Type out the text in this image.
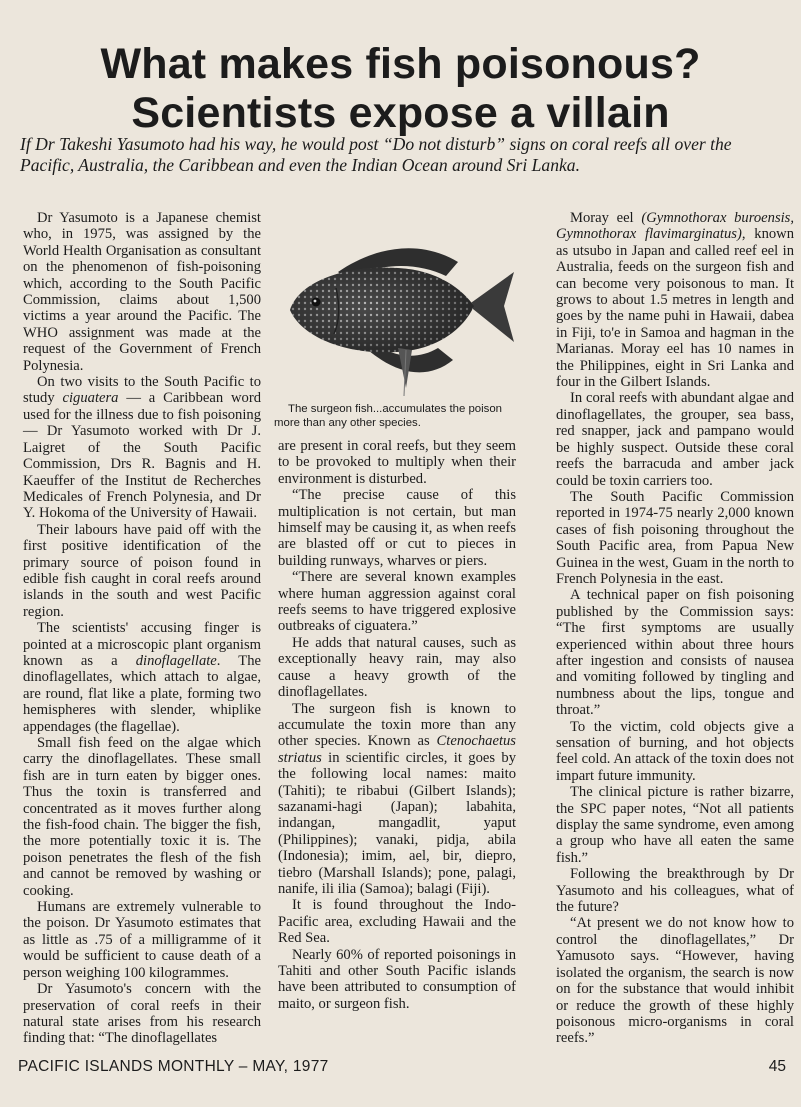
What makes fish poisonous?
Scientists expose a villain

If Dr Takeshi Yasumoto had his way, he would post “Do not disturb” signs on coral reefs all over the Pacific, Australia, the Caribbean and even the Indian Ocean around Sri Lanka.

Dr Yasumoto is a Japanese chemist who, in 1975, was assigned by the World Health Organisation as consultant on the phenomenon of fish-poisoning which, according to the South Pacific Commission, claims about 1,500 victims a year around the Pacific. The WHO assignment was made at the request of the Government of French Polynesia.

On two visits to the South Pacific to study ciguatera — a Caribbean word used for the illness due to fish poisoning — Dr Yasumoto worked with Dr J. Laigret of the South Pacific Commission, Drs R. Bagnis and H. Kaeuffer of the Institut de Recherches Medicales of French Polynesia, and Dr Y. Hokoma of the University of Hawaii.

Their labours have paid off with the first positive identification of the primary source of poison found in edible fish caught in coral reefs around islands in the south and west Pacific region.

The scientists' accusing finger is pointed at a microscopic plant organism known as a dinoflagellate. The dinoflagellates, which attach to algae, are round, flat like a plate, forming two hemispheres with slender, whiplike appendages (the flagellae).

Small fish feed on the algae which carry the dinoflagellates. These small fish are in turn eaten by bigger ones. Thus the toxin is transferred and concentrated as it moves further along the fish-food chain. The bigger the fish, the more potentially toxic it is. The poison penetrates the flesh of the fish and cannot be removed by washing or cooking.

Humans are extremely vulnerable to the poison. Dr Yasumoto estimates that as little as .75 of a milligramme of it would be sufficient to cause death of a person weighing 100 kilogrammes.

Dr Yasumoto's concern with the preservation of coral reefs in their natural state arises from his research finding that: “The dinoflagellates

The surgeon fish...accumulates the poison more than any other species.

are present in coral reefs, but they seem to be provoked to multiply when their environment is disturbed.

“The precise cause of this multiplication is not certain, but man himself may be causing it, as when reefs are blasted off or cut to pieces in building runways, wharves or piers.

“There are several known examples where human aggression against coral reefs seems to have triggered explosive outbreaks of ciguatera.”

He adds that natural causes, such as exceptionally heavy rain, may also cause a heavy growth of the dinoflagellates.

The surgeon fish is known to accumulate the toxin more than any other species. Known as Ctenochaetus striatus in scientific circles, it goes by the following local names: maito (Tahiti); te ribabui (Gilbert Islands); sazanami-hagi (Japan); labahita, indangan, mangadlit, yaput (Philippines); vanaki, pidja, abila (Indonesia); imim, ael, bir, diepro, tiebro (Marshall Islands); pone, palagi, nanife, ili ilia (Samoa); balagi (Fiji).

It is found throughout the Indo-Pacific area, excluding Hawaii and the Red Sea.

Nearly 60% of reported poisonings in Tahiti and other South Pacific islands have been attributed to consumption of maito, or surgeon fish.

Moray eel (Gymnothorax buroensis, Gymnothorax flavimarginatus), known as utsubo in Japan and called reef eel in Australia, feeds on the surgeon fish and can become very poisonous to man. It grows to about 1.5 metres in length and goes by the name puhi in Hawaii, dabea in Fiji, to'e in Samoa and hagman in the Marianas. Moray eel has 10 names in the Philippines, eight in Sri Lanka and four in the Gilbert Islands.

In coral reefs with abundant algae and dinoflagellates, the grouper, sea bass, red snapper, jack and pampano would be highly suspect. Outside these coral reefs the barracuda and amber jack could be toxin carriers too.

The South Pacific Commission reported in 1974-75 nearly 2,000 known cases of fish poisoning throughout the South Pacific area, from Papua New Guinea in the west, Guam in the north to French Polynesia in the east.

A technical paper on fish poisoning published by the Commission says: “The first symptoms are usually experienced within about three hours after ingestion and consists of nausea and vomiting followed by tingling and numbness about the lips, tongue and throat.”

To the victim, cold objects give a sensation of burning, and hot objects feel cold. An attack of the toxin does not impart future immunity.

The clinical picture is rather bizarre, the SPC paper notes, “Not all patients display the same syndrome, even among a group who have all eaten the same fish.”

Following the breakthrough by Dr Yasumoto and his colleagues, what of the future?

“At present we do not know how to control the dinoflagellates,” Dr Yamusoto says. “However, having isolated the organism, the search is now on for the substance that would inhibit or reduce the growth of these highly poisonous micro-organisms in coral reefs.”

PACIFIC ISLANDS MONTHLY – MAY, 1977	45
